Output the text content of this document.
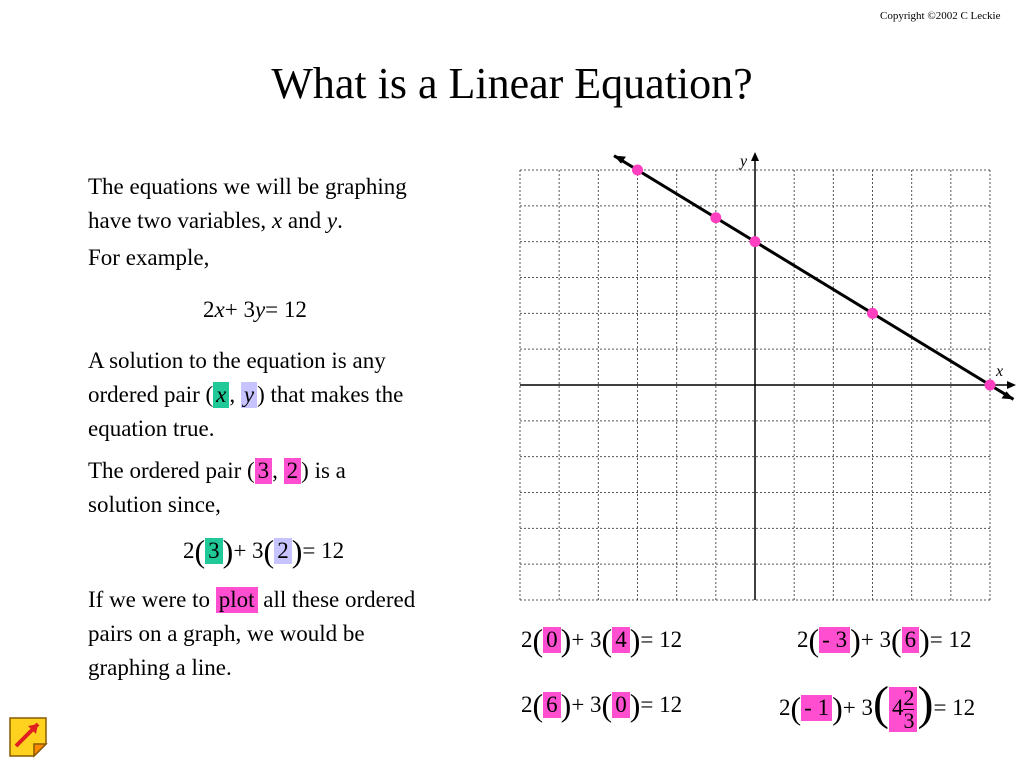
Copyright ©2002 C Leckie
What is a Linear Equation?
The equations we will be graphing
have two variables, x and y.
For example,
2x+ 3y= 12
A solution to the equation is any
ordered pair ( x , y ) that makes the
equation true.
The ordered pair ( 3 , 2 ) is a
solution since,
2( 3)+ 3( 2)= 12
If we were to plot all these ordered
pairs on a graph, we would be
graphing a line.
y
x
2( 0)+ 3( 4)= 12	2( - 3)+ 3( 6)= 12
2( 6)+ 3( 0)= 12	2( - 1)+ 3( $4 \frac{2}{3}$ )= 12
